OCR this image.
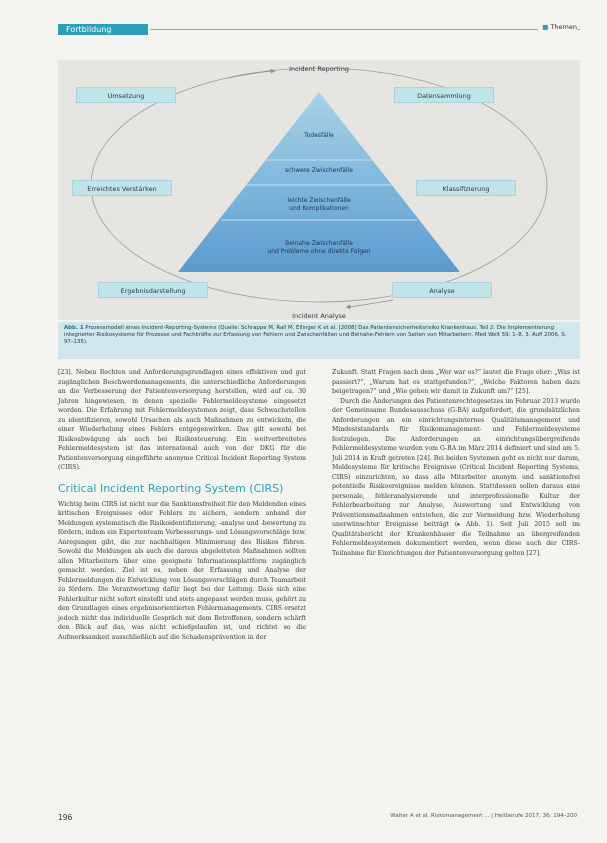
Fortbildung	■ Themen
Incident Reporting
Incident Analyse
Umsetzung	Datensammlung
Erreichtes Verstärken	Klassifizierung
Ergebnisdarstellung	Analyse
Todesfälle
schwere Zwischenfälle
leichte Zwischenfälle
und Komplikationen
Beinahe-Zwischenfälle
und Probleme ohne direkte Folgen
Abb. 1 Prozessmodell eines Incident-Reporting-Systems (Quelle: Schrappe M, Rall M, Ellinger K et al. [2008] Das Patientensicherheitsrisiko Krankenhaus. Teil 2: Die Implementierung integrierter Risikosysteme für Prozesse und Fachkräfte zur Erfassung von Fehlern und Zwischenfällen und Beinahe-Fehlern von Seiten von Mitarbeitern. Med Welt 59: 1–8, 3. Aufl 2006, S. 97–135).

[23]. Neben Rechten und Anforderungsgrundlagen eines effektiven und gut zugänglichen Beschwerdemanagements, die unterschiedliche Anforderungen an die Verbesserung der Patientenversorgung herstellen, wird auf ca. 30 Jahren hingewiesen, in denen spezielle Fehlermeldesysteme eingesetzt worden. Die Erfahrung mit Fehlermeldesystemen zeigt, dass Schwachstellen zu identifizieren, sowohl Ursachen als auch Maßnahmen zu entwickeln, die einer Wiederholung eines Fehlers entgegenwirken. Das gilt sowohl bei Risikoabwägung als auch bei Risikosteuerung. Ein weitverbreitetes Fehlermeldesystem ist das international auch von der DKG für die Patientenversorgung eingeführte anonyme Critical Incident Reporting System (CIRS).

Critical Incident Reporting System (CIRS)

Wichtig beim CIRS ist nicht nur die Sanktionsfreiheit für den Meldenden eines kritischen Ereignisses oder Fehlers zu sichern, sondern anhand der Meldungen systematisch die Risikoidentifizierung, -analyse und -bewertung zu fördern, indem ein Expertenteam Verbesserungs- und Lösungsvorschläge bzw. Anregungen gibt, die zur nachhaltigen Minimierung des Risikos führen. Sowohl die Meldungen als auch die daraus abgeleiteten Maßnahmen sollten allen Mitarbeitern über eine geeignete Informationsplattform zugänglich gemacht werden. Ziel ist es, neben der Erfassung und Analyse der Fehlermeldungen die Entwicklung von Lösungsvorschlägen durch Teamarbeit zu fördern. Die Verantwortung dafür liegt bei der Leitung. Dass sich eine Fehlerkultur nicht sofort einstellt und stets angepasst werden muss, gehört zu den Grundlagen eines ergebnisorientierten Fehlermanagements. CIRS ersetzt jedoch nicht das individuelle Gespräch mit dem Betroffenen, sondern schärft den Blick auf das, was nicht schiefgelaufen ist, und richtet so die Aufmerksamkeit ausschließlich auf die Schadensprävention in der

Zukunft. Statt Fragen nach dem „Wer war es?“ lautet die Frage eher: „Was ist passiert?“, „Warum hat es stattgefunden?“, „Welche Faktoren haben dazu beigetragen?“ und „Wie gehen wir damit in Zukunft um?“ [25].

Durch die Änderungen des Patientenrechtegesetzes im Februar 2013 wurde der Gemeinsame Bundesausschuss (G-BA) aufgefordert, die grundsätzlichen Anforderungen an ein einrichtungsinternes Qualitätsmanagement und Mindeststandards für Risikomanagement- und Fehlermeldesysteme festzulegen. Die Anforderungen an einrichtungsübergreifende Fehlermeldesysteme wurden vom G-BA im März 2014 definiert und sind am 5. Juli 2014 in Kraft getreten [24]. Bei beiden Systemen geht es nicht nur darum, Meldesysteme für kritische Ereignisse (Critical Incident Reporting Systems, CIRS) einzurichten, so dass alle Mitarbeiter anonym und sanktionsfrei potentielle Risikoereignisse melden können. Stattdessen sollen daraus eine personale, fehleranalysierende und interprofessionelle Kultur der Fehlerbearbeitung zur Analyse, Auswertung und Entwicklung von Präventionsmaßnahmen entstehen, die zur Vermeidung bzw. Wiederholung unerwünschter Ereignisse beiträgt (▸ Abb. 1). Seit Juli 2015 soll im Qualitätsbericht der Krankenhäuser die Teilnahme an übergreifenden Fehlermeldesystemen dokumentiert werden, wenn diese auch der CIRS-Teilnahme für Einrichtungen der Patientenversorgung gelten [27].

196	Walter A et al. Riskomanagement ... | Heilberufe 2017; 36: 194–200
